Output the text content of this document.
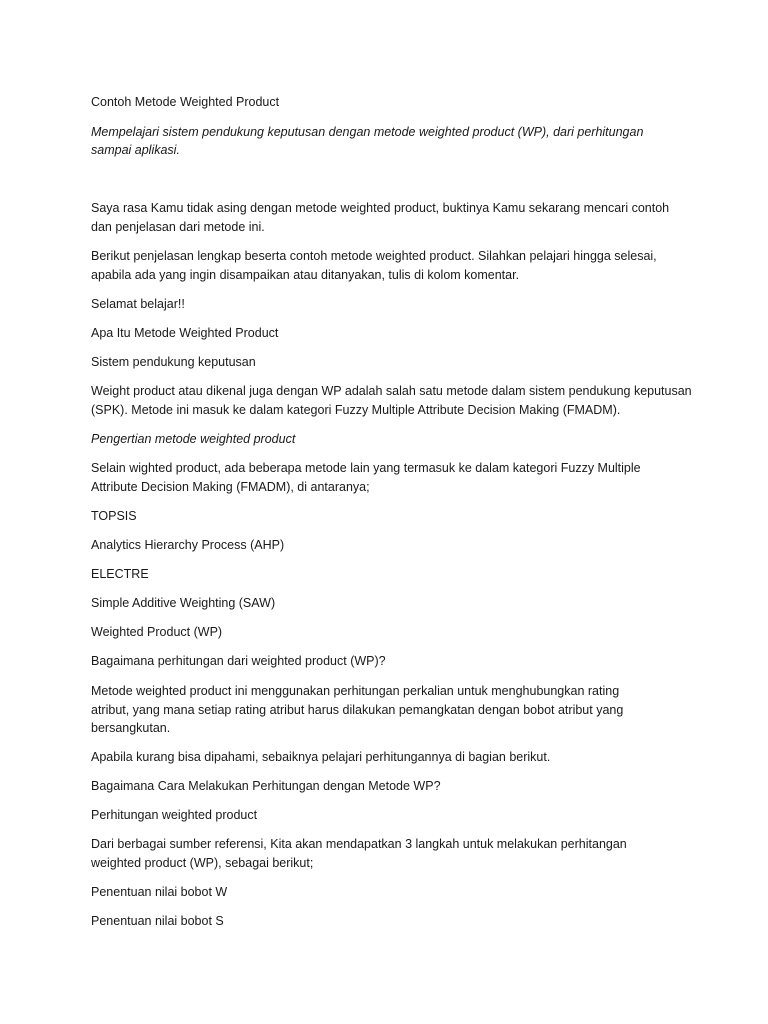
Contoh Metode Weighted Product

Mempelajari sistem pendukung keputusan dengan metode weighted product (WP), dari perhitungan

sampai aplikasi.

Saya rasa Kamu tidak asing dengan metode weighted product, buktinya Kamu sekarang mencari contoh

dan penjelasan dari metode ini.

Berikut penjelasan lengkap beserta contoh metode weighted product. Silahkan pelajari hingga selesai,

apabila ada yang ingin disampaikan atau ditanyakan, tulis di kolom komentar.

Selamat belajar!!

Apa Itu Metode Weighted Product

Sistem pendukung keputusan

Weight product atau dikenal juga dengan WP adalah salah satu metode dalam sistem pendukung keputusan

(SPK). Metode ini masuk ke dalam kategori Fuzzy Multiple Attribute Decision Making (FMADM).

Pengertian metode weighted product

Selain wighted product, ada beberapa metode lain yang termasuk ke dalam kategori Fuzzy Multiple

Attribute Decision Making (FMADM), di antaranya;

TOPSIS

Analytics Hierarchy Process (AHP)

ELECTRE

Simple Additive Weighting (SAW)

Weighted Product (WP)

Bagaimana perhitungan dari weighted product (WP)?

Metode weighted product ini menggunakan perhitungan perkalian untuk menghubungkan rating

atribut, yang mana setiap rating atribut harus dilakukan pemangkatan dengan bobot atribut yang

bersangkutan.

Apabila kurang bisa dipahami, sebaiknya pelajari perhitungannya di bagian berikut.

Bagaimana Cara Melakukan Perhitungan dengan Metode WP?

Perhitungan weighted product

Dari berbagai sumber referensi, Kita akan mendapatkan 3 langkah untuk melakukan perhitangan

weighted product (WP), sebagai berikut;

Penentuan nilai bobot W

Penentuan nilai bobot S
